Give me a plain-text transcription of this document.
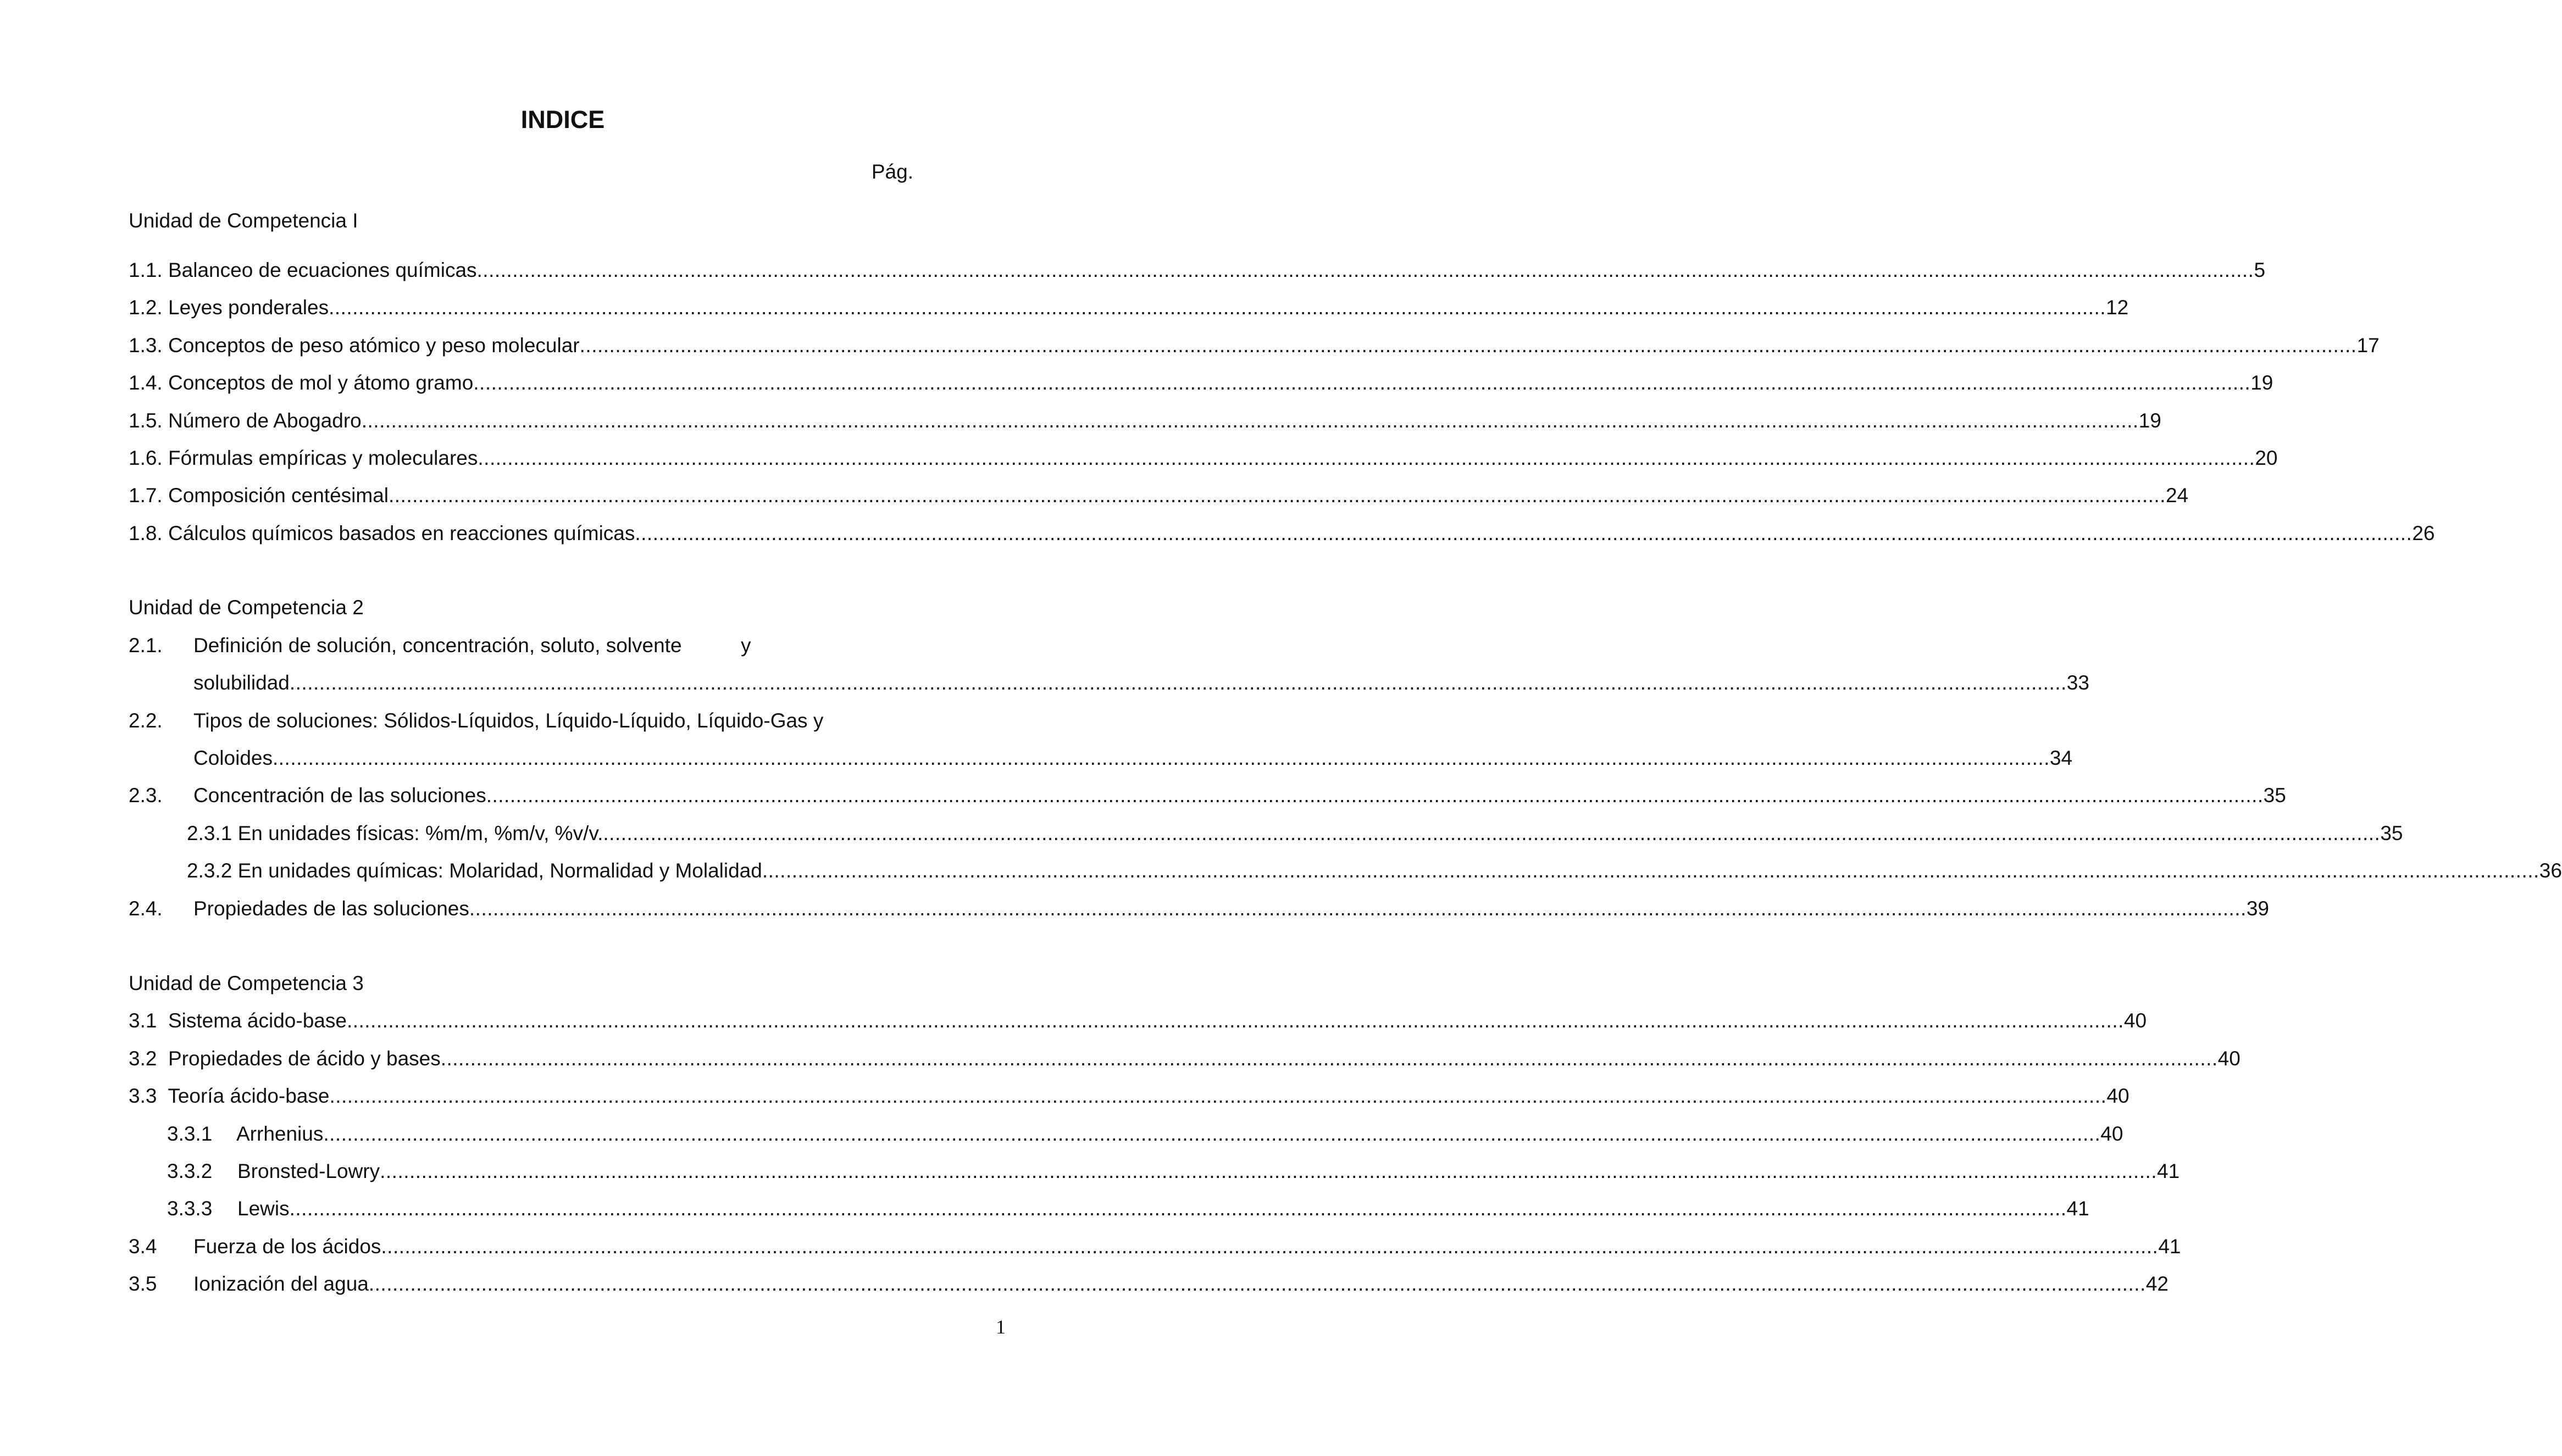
INDICE
Pág.
Unidad de Competencia I
1.1. Balanceo de ecuaciones químicas ............................................................................................................................................................................................................................................................................................................ 5
1.2. Leyes ponderales ............................................................................................................................................................................................................................................................................................................ 12
1.3. Conceptos de peso atómico y peso molecular ............................................................................................................................................................................................................................................................................................................ 17
1.4. Conceptos de mol y átomo gramo ............................................................................................................................................................................................................................................................................................................ 19
1.5. Número de Abogadro ............................................................................................................................................................................................................................................................................................................ 19
1.6. Fórmulas empíricas y moleculares ............................................................................................................................................................................................................................................................................................................ 20
1.7. Composición centésimal ............................................................................................................................................................................................................................................................................................................ 24
1.8. Cálculos químicos basados en reacciones químicas ............................................................................................................................................................................................................................................................................................................ 26
Unidad de Competencia 2
2.1. Definición de solución, concentración, soluto, solvente	y
solubilidad ............................................................................................................................................................................................................................................................................................................ 33
2.2. Tipos de soluciones: Sólidos-Líquidos, Líquido-Líquido, Líquido-Gas y
Coloides ............................................................................................................................................................................................................................................................................................................ 34
2.3. Concentración de las soluciones ............................................................................................................................................................................................................................................................................................................ 35
2.3.1 En unidades físicas: %m/m, %m/v, %v/v. ............................................................................................................................................................................................................................................................................................................ 35
2.3.2 En unidades químicas: Molaridad, Normalidad y Molalidad ............................................................................................................................................................................................................................................................................................................ 36
2.4. Propiedades de las soluciones ............................................................................................................................................................................................................................................................................................................ 39
Unidad de Competencia 3
3.1  Sistema ácido-base ............................................................................................................................................................................................................................................................................................................ 40
3.2  Propiedades de ácido y bases ............................................................................................................................................................................................................................................................................................................ 40
3.3  Teoría ácido-base ............................................................................................................................................................................................................................................................................................................ 40
3.3.1 Arrhenius ............................................................................................................................................................................................................................................................................................................ 40
3.3.2 Bronsted-Lowry ............................................................................................................................................................................................................................................................................................................ 41
3.3.3 Lewis ............................................................................................................................................................................................................................................................................................................ 41
3.4 Fuerza de los ácidos ............................................................................................................................................................................................................................................................................................................ 41
3.5 Ionización del agua ............................................................................................................................................................................................................................................................................................................ 42
1
